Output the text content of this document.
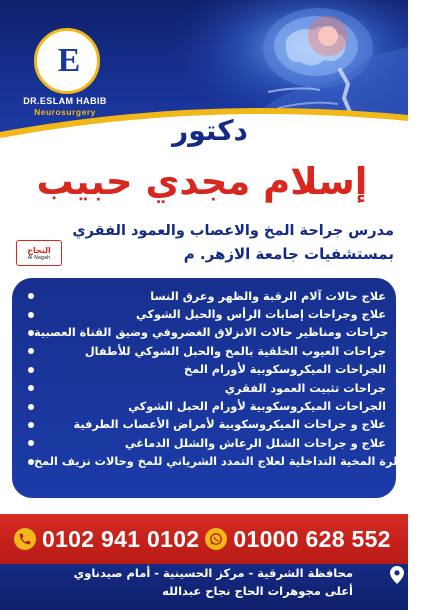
E
DR.ESLAM HABIB
Neurosurgery
دكتور
إسلام مجدي حبيب
مدرس جراحة المخ والاعصاب والعمود الفقري
بمستشفيات جامعة الازهر. م
النجاح
Al Nagah
علاج حالات آلام الرقبة والظهر وعرق النسا
علاج وجراحات إصابات الرأس والحبل الشوكي
جراحات ومناظير حالات الانزلاق الغضروفي وضيق القناة العصبية
جراحات العيوب الخلقية بالمخ والحبل الشوكي للأطفال
الجراحات الميكروسكوبية لأورام المخ
جراحات تثبيت العمود الفقري
الجراحات الميكروسكوبية لأورام الحبل الشوكي
علاج و جراحات الميكروسكوبية لأمراض الأعصاب الطرفية
علاج و جراحات الشلل الرعاش والشلل الدماغي
القسطرة المخية التداخلية لعلاج التمدد الشرياني للمخ وحالات نزيف المخ
0102 941 0102 01000 628 552
محافظة الشرقية - مركز الحسينية - أمام صيدناوي
أعلى مجوهرات الحاج نجاح عبدالله
